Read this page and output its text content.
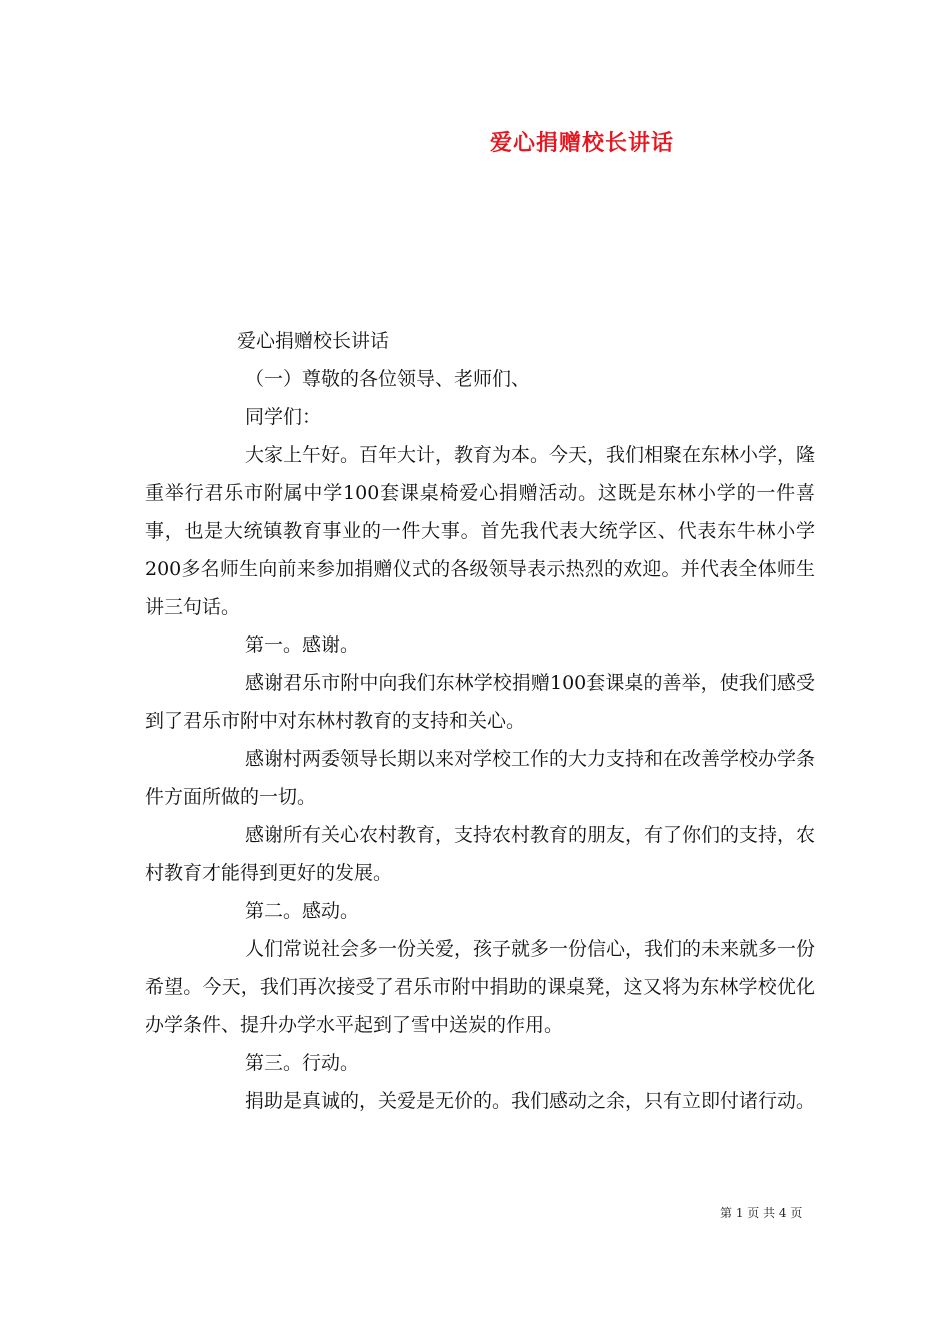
爱心捐赠校长讲话

爱心捐赠校长讲话

（一）尊敬的各位领导、老师们、

同学们：

大家上午好。百年大计，教育为本。今天，我们相聚在东林小学，隆重举行君乐市附属中学100套课桌椅爱心捐赠活动。这既是东林小学的一件喜事，也是大统镇教育事业的一件大事。首先我代表大统学区、代表东牛林小学200多名师生向前来参加捐赠仪式的各级领导表示热烈的欢迎。并代表全体师生讲三句话。

第一。感谢。

感谢君乐市附中向我们东林学校捐赠100套课桌的善举，使我们感受到了君乐市附中对东林村教育的支持和关心。

感谢村两委领导长期以来对学校工作的大力支持和在改善学校办学条件方面所做的一切。

感谢所有关心农村教育，支持农村教育的朋友，有了你们的支持，农村教育才能得到更好的发展。

第二。感动。

人们常说社会多一份关爱，孩子就多一份信心，我们的未来就多一份希望。今天，我们再次接受了君乐市附中捐助的课桌凳，这又将为东林学校优化办学条件、提升办学水平起到了雪中送炭的作用。

第三。行动。

捐助是真诚的，关爱是无价的。我们感动之余，只有立即付诸行动。

第 1 页 共 4 页
